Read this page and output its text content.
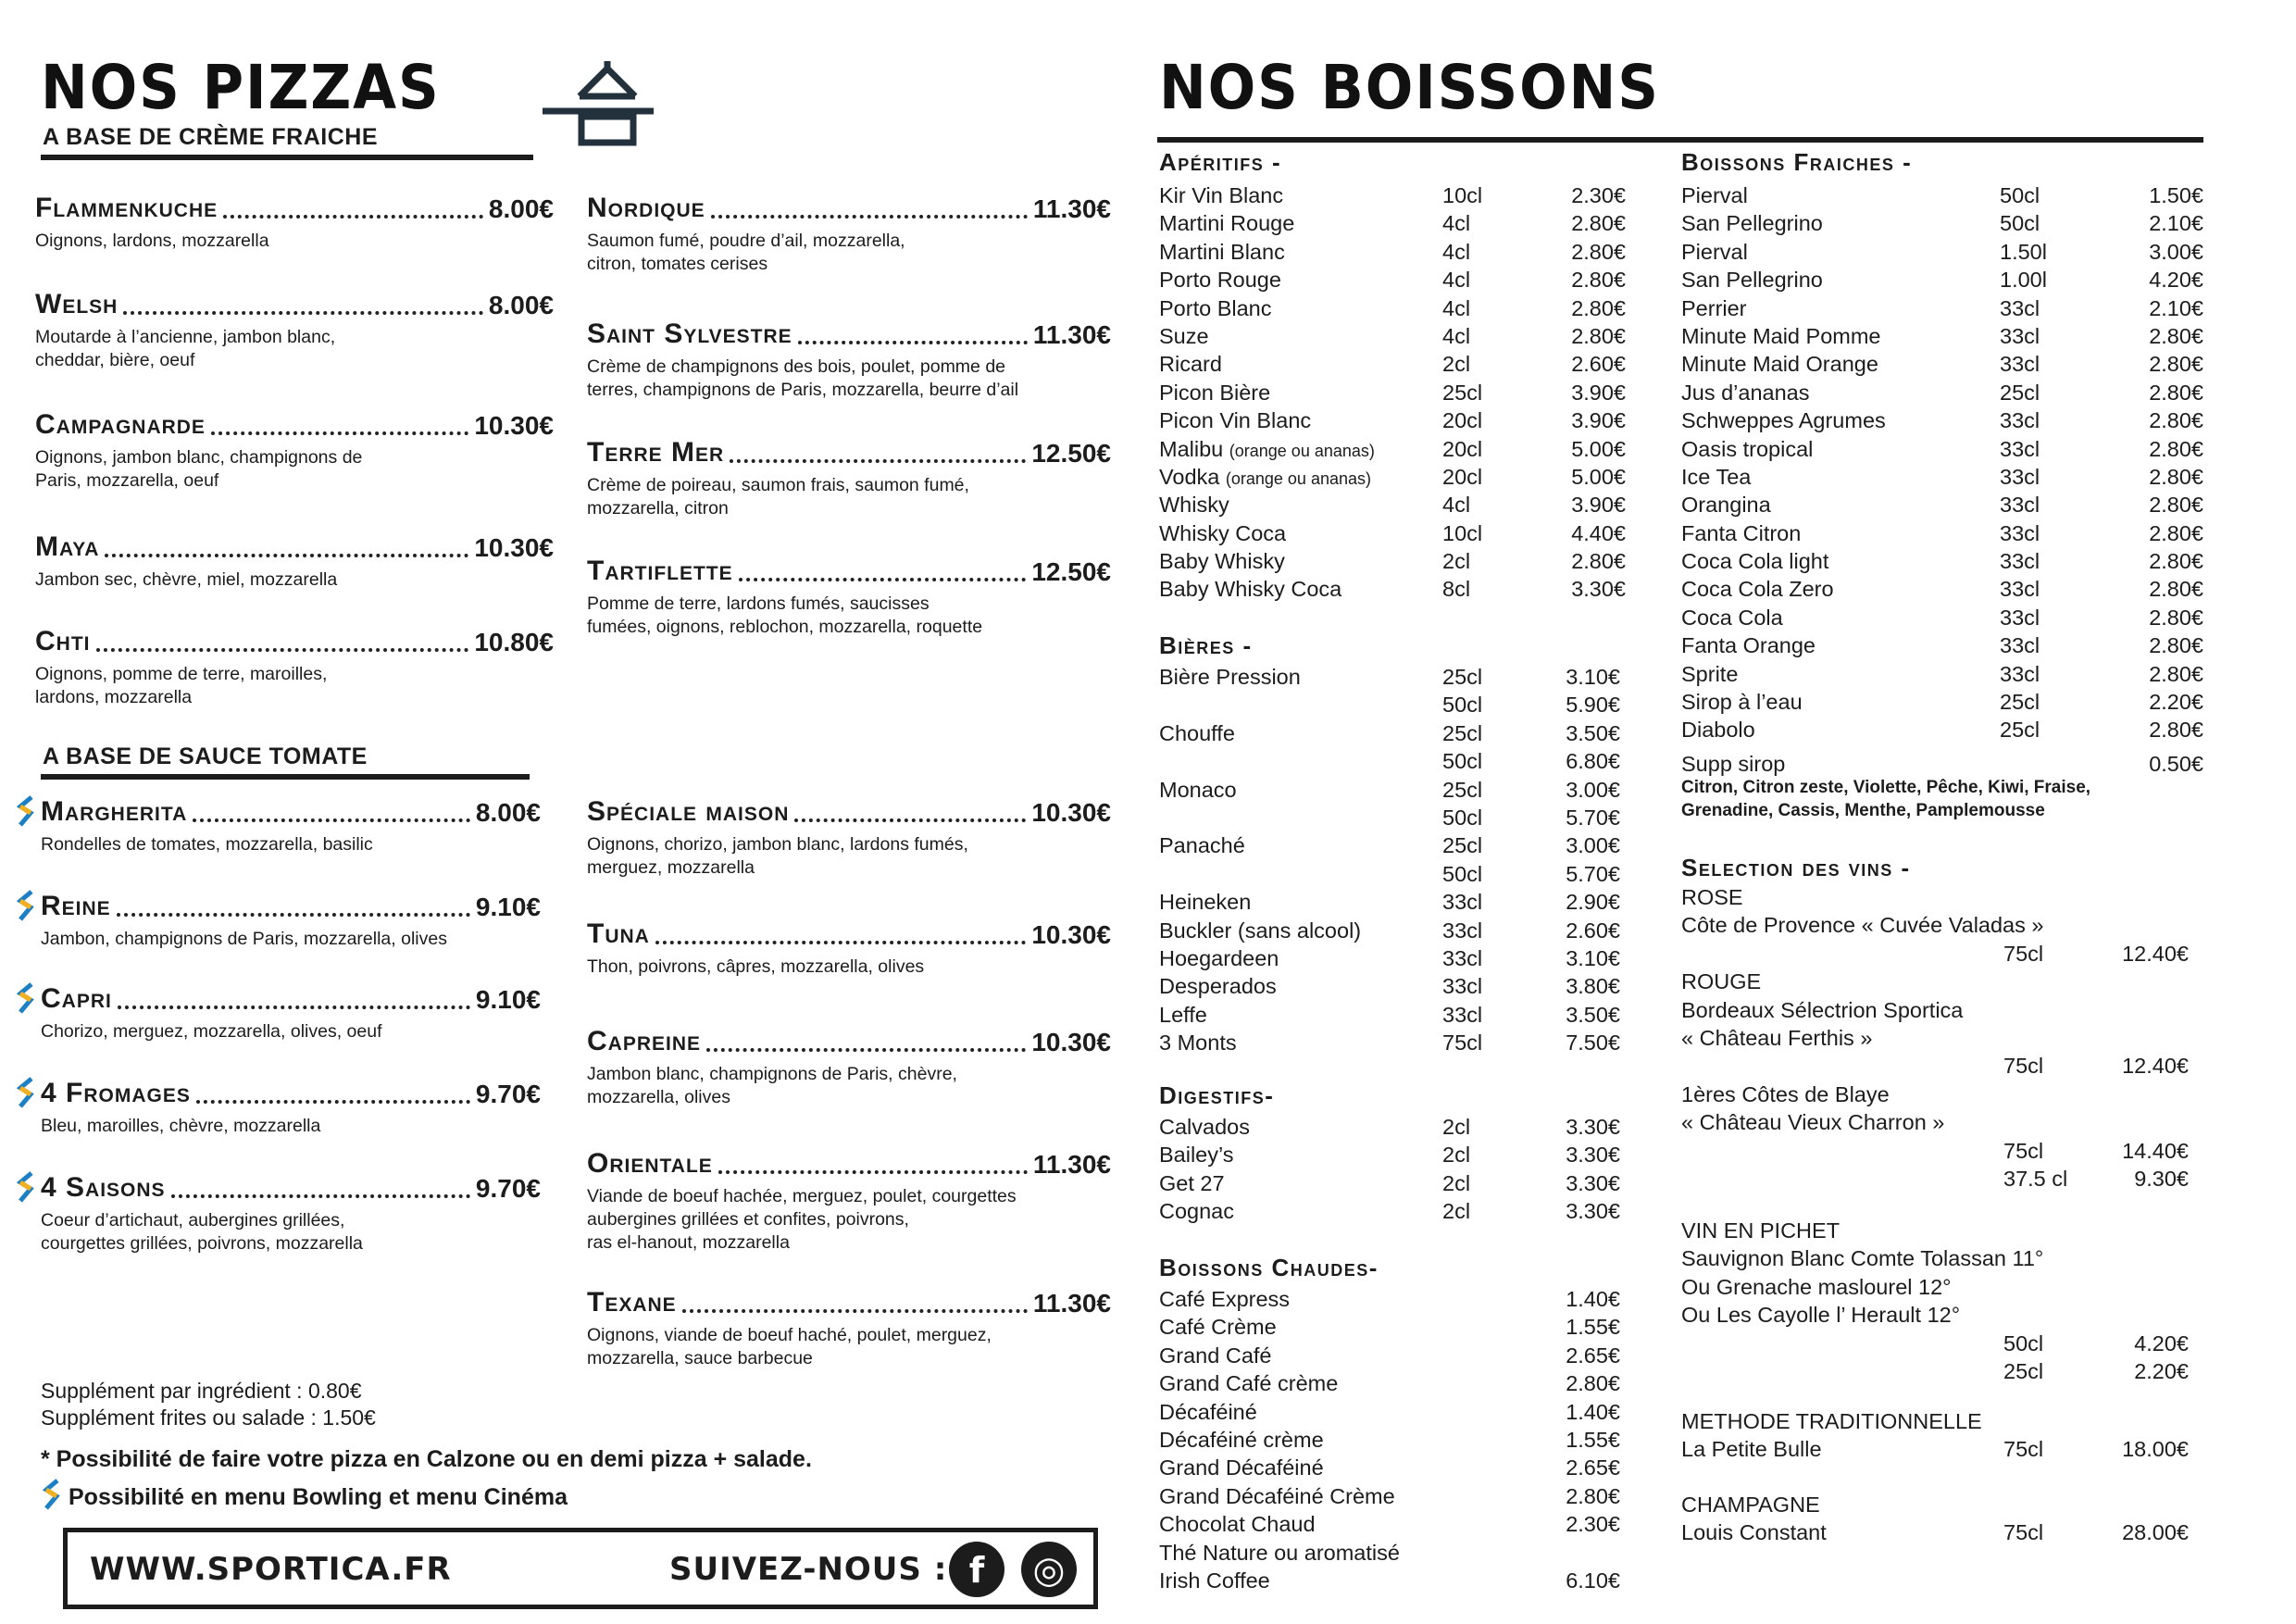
NOS PIZZAS
A BASE DE CRÈME FRAICHE
Flammenkuche	8.00€
Oignons, lardons, mozzarella
Welsh	8.00€
Moutarde à l’ancienne, jambon blanc,
cheddar, bière, oeuf
Campagnarde	10.30€
Oignons, jambon blanc, champignons de
Paris, mozzarella, oeuf
Maya	10.30€
Jambon sec, chèvre, miel, mozzarella
Chti	10.80€
Oignons, pomme de terre, maroilles,
lardons, mozzarella
Nordique	11.30€
Saumon fumé, poudre d’ail, mozzarella,
citron, tomates cerises
Saint Sylvestre	11.30€
Crème de champignons des bois, poulet, pomme de
terres, champignons de Paris, mozzarella, beurre d’ail
Terre Mer	12.50€
Crème de poireau, saumon frais, saumon fumé,
mozzarella, citron
Tartiflette	12.50€
Pomme de terre, lardons fumés, saucisses
fumées, oignons, reblochon, mozzarella, roquette
A BASE DE SAUCE TOMATE
Margherita	8.00€
Rondelles de tomates, mozzarella, basilic
Reine	9.10€
Jambon, champignons de Paris, mozzarella, olives
Capri	9.10€
Chorizo, merguez, mozzarella, olives, oeuf
4 Fromages	9.70€
Bleu, maroilles, chèvre, mozzarella
4 Saisons	9.70€
Coeur d’artichaut, aubergines grillées,
courgettes grillées, poivrons, mozzarella
Spéciale maison	10.30€
Oignons, chorizo, jambon blanc, lardons fumés,
merguez, mozzarella
Tuna	10.30€
Thon, poivrons, câpres, mozzarella, olives
Capreine	10.30€
Jambon blanc, champignons de Paris, chèvre,
mozzarella, olives
Orientale	11.30€
Viande de boeuf hachée, merguez, poulet, courgettes
aubergines grillées et confites, poivrons,
ras el-hanout, mozzarella
Texane	11.30€
Oignons, viande de boeuf haché, poulet, merguez,
mozzarella, sauce barbecue
Supplément par ingrédient : 0.80€
Supplément frites ou salade : 1.50€
* Possibilité de faire votre pizza en Calzone ou en demi pizza + salade.
Possibilité en menu Bowling et menu Cinéma
WWW.SPORTICA.FR	SUIVEZ-NOUS : f	◎
NOS BOISSONS
Apéritifs -
Kir Vin Blanc	10cl	2.30€
Martini Rouge	4cl	2.80€
Martini Blanc	4cl	2.80€
Porto Rouge	4cl	2.80€
Porto Blanc	4cl	2.80€
Suze	4cl	2.80€
Ricard	2cl	2.60€
Picon Bière	25cl	3.90€
Picon Vin Blanc	20cl	3.90€
Malibu (orange ou ananas)	20cl	5.00€
Vodka (orange ou ananas)	20cl	5.00€
Whisky	4cl	3.90€
Whisky Coca	10cl	4.40€
Baby Whisky	2cl	2.80€
Baby Whisky Coca	8cl	3.30€
Bières -
Bière Pression	25cl	3.10€
50cl	5.90€
Chouffe	25cl	3.50€
50cl	6.80€
Monaco	25cl	3.00€
50cl	5.70€
Panaché	25cl	3.00€
50cl	5.70€
Heineken	33cl	2.90€
Buckler (sans alcool)	33cl	2.60€
Hoegardeen	33cl	3.10€
Desperados	33cl	3.80€
Leffe	33cl	3.50€
3 Monts	75cl	7.50€
Digestifs-
Calvados	2cl	3.30€
Bailey’s	2cl	3.30€
Get 27	2cl	3.30€
Cognac	2cl	3.30€
Boissons Chaudes-
Café Express	1.40€
Café Crème	1.55€
Grand Café	2.65€
Grand Café crème	2.80€
Décaféiné	1.40€
Décaféiné crème	1.55€
Grand Décaféiné	2.65€
Grand Décaféiné Crème	2.80€
Chocolat Chaud	2.30€
Thé Nature ou aromatisé
Irish Coffee	6.10€
Boissons Fraiches -
Pierval	50cl	1.50€
San Pellegrino	50cl	2.10€
Pierval	1.50l	3.00€
San Pellegrino	1.00l	4.20€
Perrier	33cl	2.10€
Minute Maid Pomme	33cl	2.80€
Minute Maid Orange	33cl	2.80€
Jus d’ananas	25cl	2.80€
Schweppes Agrumes	33cl	2.80€
Oasis tropical	33cl	2.80€
Ice Tea	33cl	2.80€
Orangina	33cl	2.80€
Fanta Citron	33cl	2.80€
Coca Cola light	33cl	2.80€
Coca Cola Zero	33cl	2.80€
Coca Cola	33cl	2.80€
Fanta Orange	33cl	2.80€
Sprite	33cl	2.80€
Sirop à l’eau	25cl	2.20€
Diabolo	25cl	2.80€
Supp sirop	0.50€
Citron, Citron zeste, Violette, Pêche, Kiwi, Fraise,
Grenadine, Cassis, Menthe, Pamplemousse
Selection des vins -
ROSE
Côte de Provence « Cuvée Valadas »
75cl	12.40€
ROUGE
Bordeaux Sélectrion Sportica
« Château Ferthis »
75cl	12.40€
1ères Côtes de Blaye
« Château Vieux Charron »
75cl	14.40€
37.5 cl	9.30€
VIN EN PICHET
Sauvignon Blanc Comte Tolassan 11°
Ou Grenache maslourel 12°
Ou Les Cayolle l’ Herault 12°
50cl	4.20€
25cl	2.20€
METHODE TRADITIONNELLE
La Petite Bulle	75cl	18.00€
CHAMPAGNE
Louis Constant	75cl	28.00€
